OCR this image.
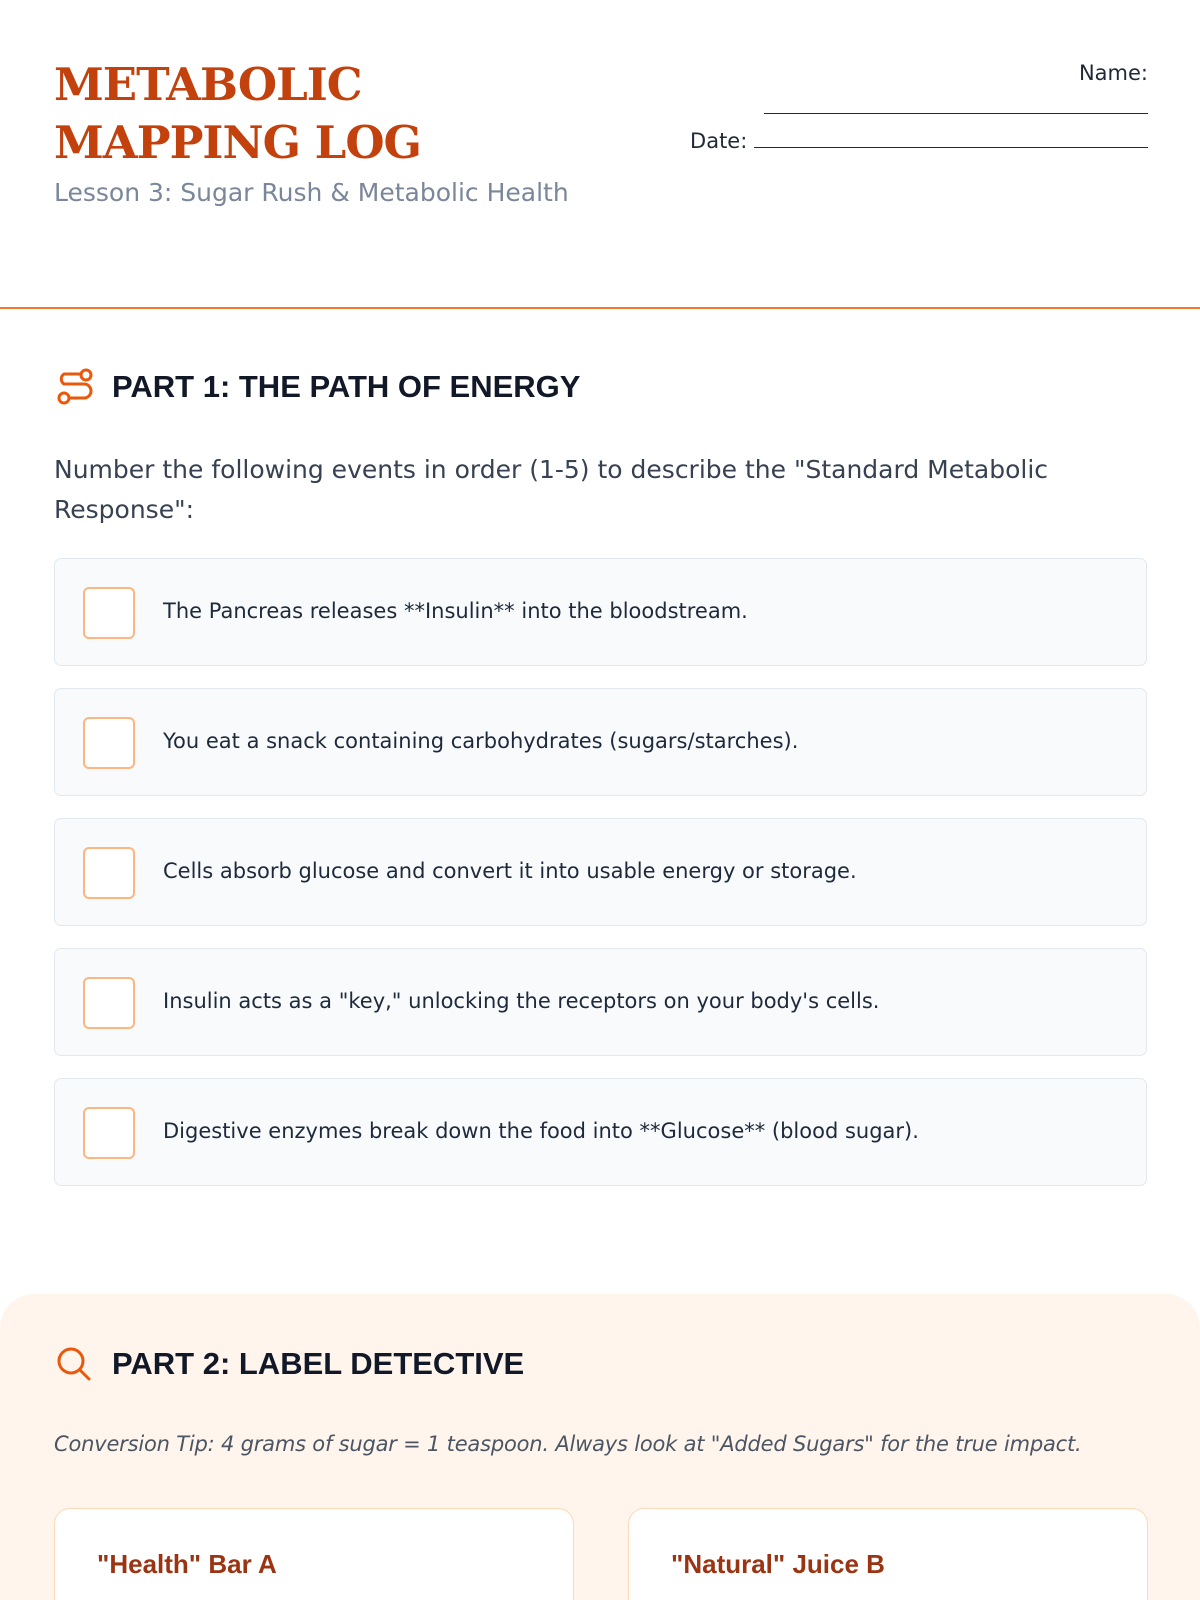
METABOLIC MAPPING LOG
Lesson 3: Sugar Rush & Metabolic Health
Name:
Date:
PART 1: THE PATH OF ENERGY
Number the following events in order (1-5) to describe the "Standard Metabolic Response":
The Pancreas releases **Insulin** into the bloodstream.
You eat a snack containing carbohydrates (sugars/starches).
Cells absorb glucose and convert it into usable energy or storage.
Insulin acts as a "key," unlocking the receptors on your body's cells.
Digestive enzymes break down the food into **Glucose** (blood sugar).
PART 2: LABEL DETECTIVE
Conversion Tip: 4 grams of sugar = 1 teaspoon. Always look at "Added Sugars" for the true impact.
"Health" Bar A	"Natural" Juice B
